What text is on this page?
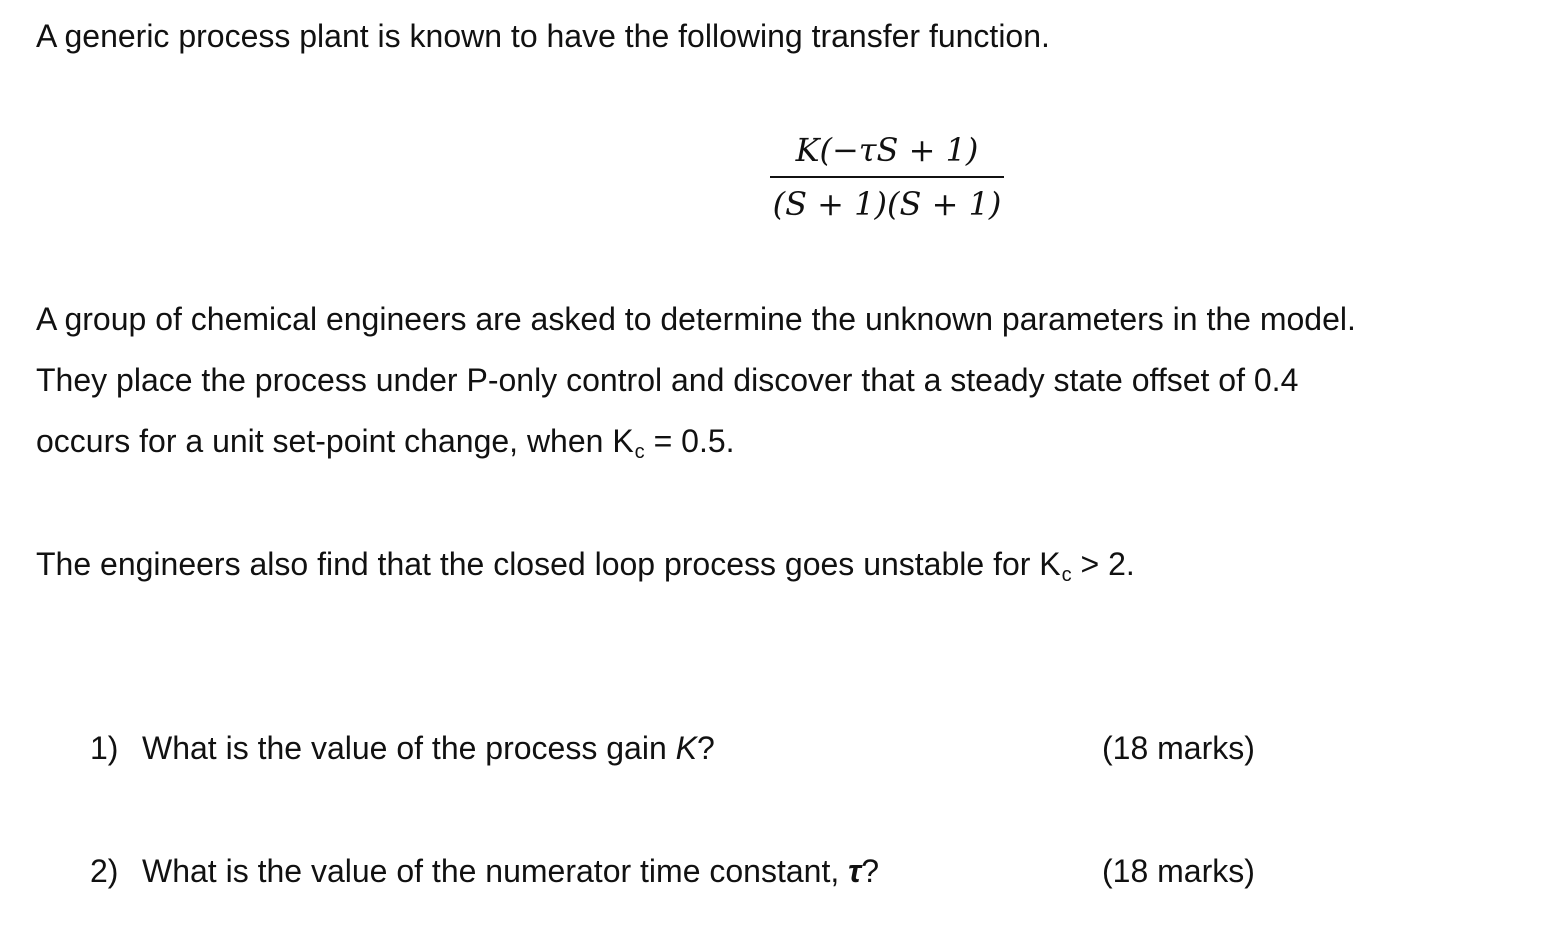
A generic process plant is known to have the following transfer function.
K(−τS + 1)
(S + 1)(S + 1)
A group of chemical engineers are asked to determine the unknown parameters in the model.
They place the process under P-only control and discover that a steady state offset of 0.4
occurs for a unit set-point change, when $K_c = 0.5$.
The engineers also find that the closed loop process goes unstable for $K_c > 2$.
1) What is the value of the process gain K?	(18 marks)
2) What is the value of the numerator time constant, τ?	(18 marks)
